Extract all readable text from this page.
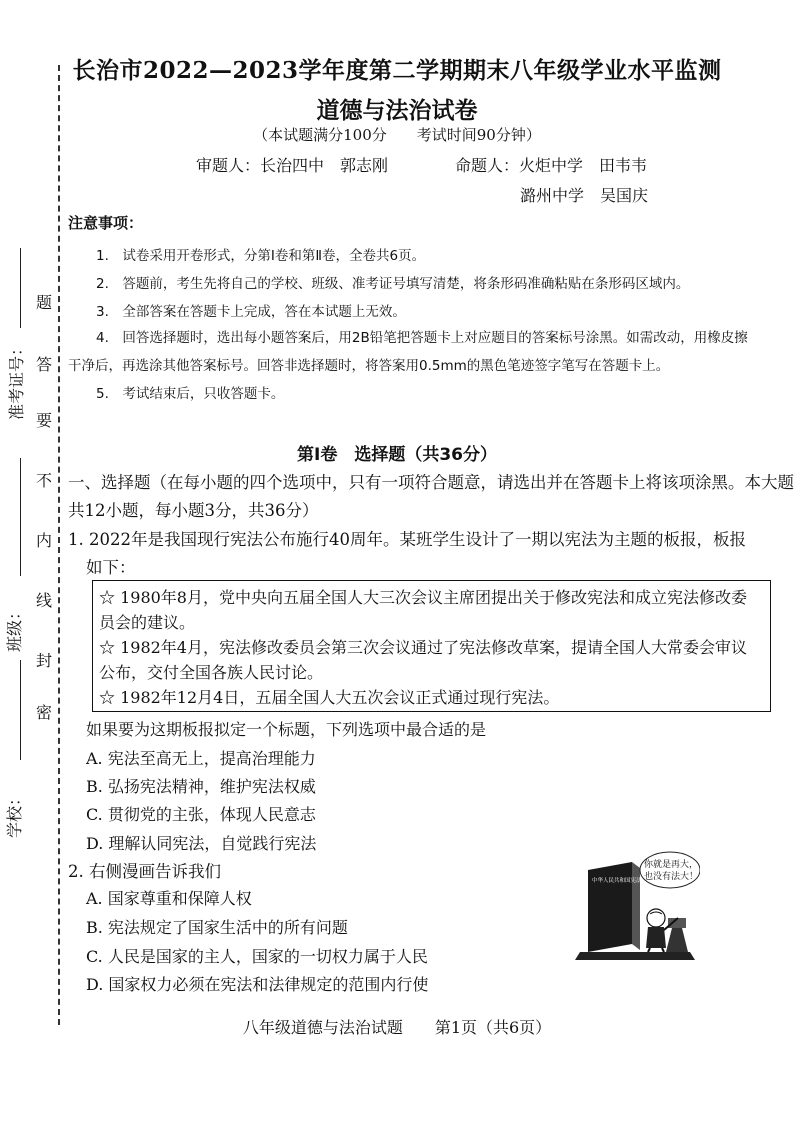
题
答
要
不
内
线
封
密
准考证号：
班级：
学校：
长治市2022—2023学年度第二学期期末八年级学业水平监测
道德与法治试卷
（本试题满分100分　　考试时间90分钟）
审题人：长治四中　郭志刚	命题人：火炬中学　田韦韦
潞州中学　吴国庆
注意事项：
1.　试卷采用开卷形式，分第Ⅰ卷和第Ⅱ卷，全卷共6页。
2.　答题前，考生先将自己的学校、班级、准考证号填写清楚，将条形码准确粘贴在条形码区域内。
3.　全部答案在答题卡上完成，答在本试题上无效。
4.　回答选择题时，选出每小题答案后，用2B铅笔把答题卡上对应题目的答案标号涂黑。如需改动，用橡皮擦
干净后，再选涂其他答案标号。回答非选择题时，将答案用0.5mm的黑色笔迹签字笔写在答题卡上。
5.　考试结束后，只收答题卡。
第Ⅰ卷　选择题（共36分）
一、选择题（在每小题的四个选项中，只有一项符合题意，请选出并在答题卡上将该项涂黑。本大题
共12小题，每小题3分，共36分）
1. 2022年是我国现行宪法公布施行40周年。某班学生设计了一期以宪法为主题的板报，板报
如下：

☆ 1980年8月，党中央向五届全国人大三次会议主席团提出关于修改宪法和成立宪法修改委

员会的建议。

☆ 1982年4月，宪法修改委员会第三次会议通过了宪法修改草案，提请全国人大常委会审议

公布，交付全国各族人民讨论。

☆ 1982年12月4日，五届全国人大五次会议正式通过现行宪法。

如果要为这期板报拟定一个标题，下列选项中最合适的是
A. 宪法至高无上，提高治理能力
B. 弘扬宪法精神，维护宪法权威
C. 贯彻党的主张，体现人民意志
D. 理解认同宪法，自觉践行宪法
2. 右侧漫画告诉我们
A. 国家尊重和保障人权
B. 宪法规定了国家生活中的所有问题
C. 人民是国家的主人，国家的一切权力属于人民
D. 国家权力必须在宪法和法律规定的范围内行使
中华人民共和国宪法
你就是再大，
也没有法大！
八年级道德与法治试题　　第1页（共6页）
